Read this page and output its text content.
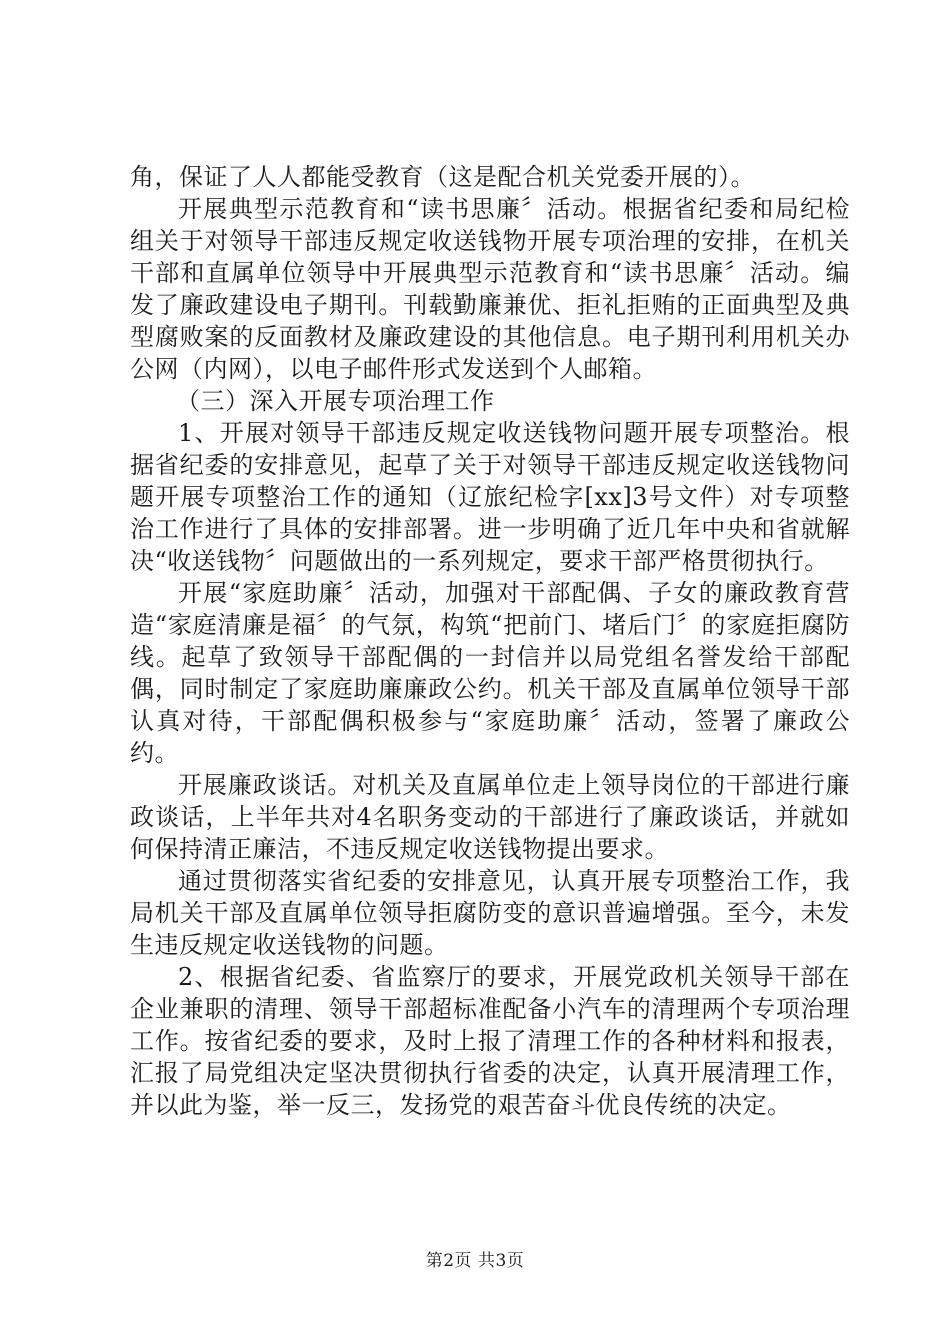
角，保证了人人都能受教育（这是配合机关党委开展的）。

开展典型示范教育和“读书思廉〞活动。根据省纪委和局纪检组关于对领导干部违反规定收送钱物开展专项治理的安排，在机关干部和直属单位领导中开展典型示范教育和“读书思廉〞活动。编发了廉政建设电子期刊。刊载勤廉兼优、拒礼拒贿的正面典型及典型腐败案的反面教材及廉政建设的其他信息。电子期刊利用机关办公网（内网），以电子邮件形式发送到个人邮箱。

（三）深入开展专项治理工作

1、开展对领导干部违反规定收送钱物问题开展专项整治。根据省纪委的安排意见，起草了关于对领导干部违反规定收送钱物问题开展专项整治工作的通知（辽旅纪检字[xx]3号文件）对专项整治工作进行了具体的安排部署。进一步明确了近几年中央和省就解决“收送钱物〞问题做出的一系列规定，要求干部严格贯彻执行。

开展“家庭助廉〞活动，加强对干部配偶、子女的廉政教育营造“家庭清廉是福〞的气氛，构筑“把前门、堵后门〞的家庭拒腐防线。起草了致领导干部配偶的一封信并以局党组名誉发给干部配偶，同时制定了家庭助廉廉政公约。机关干部及直属单位领导干部认真对待，干部配偶积极参与“家庭助廉〞活动，签署了廉政公约。

开展廉政谈话。对机关及直属单位走上领导岗位的干部进行廉政谈话，上半年共对4名职务变动的干部进行了廉政谈话，并就如何保持清正廉洁，不违反规定收送钱物提出要求。

通过贯彻落实省纪委的安排意见，认真开展专项整治工作，我局机关干部及直属单位领导拒腐防变的意识普遍增强。至今，未发生违反规定收送钱物的问题。

2、根据省纪委、省监察厅的要求，开展党政机关领导干部在企业兼职的清理、领导干部超标准配备小汽车的清理两个专项治理工作。按省纪委的要求，及时上报了清理工作的各种材料和报表，汇报了局党组决定坚决贯彻执行省委的决定，认真开展清理工作，并以此为鉴，举一反三，发扬党的艰苦奋斗优良传统的决定。

第2页 共3页
